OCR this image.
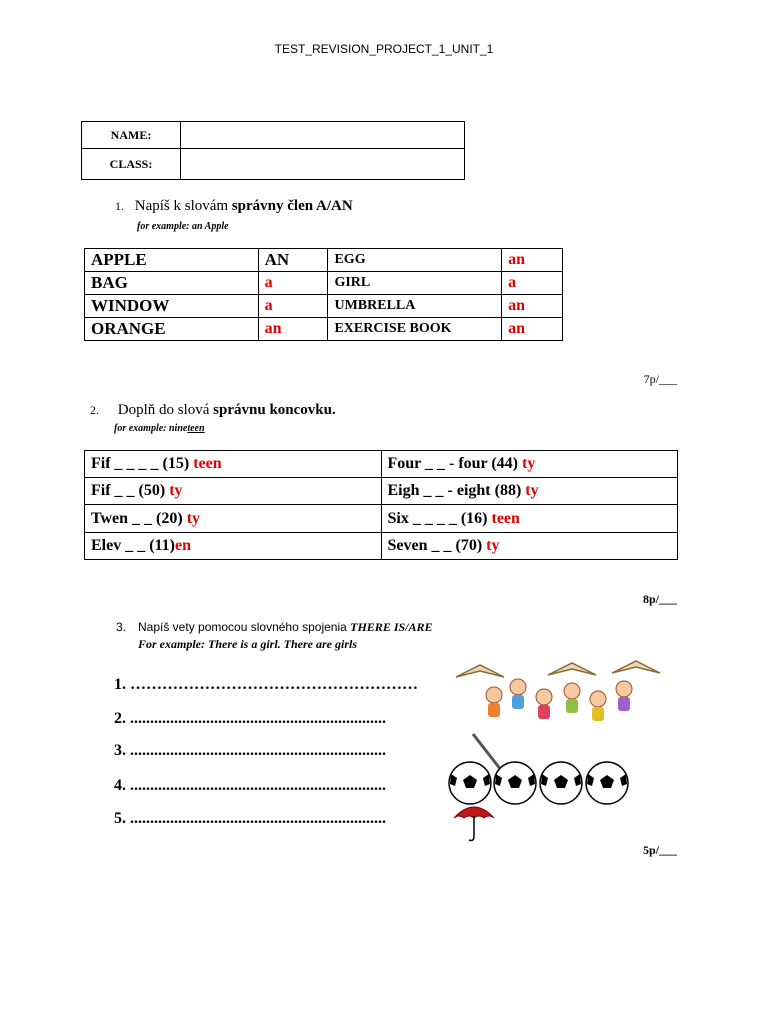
TEST_REVISION_PROJECT_1_UNIT_1
NAME:	
CLASS:	
1. Napíš k slovám správny člen A/AN
for example: an Apple
APPLE	AN	EGG	an
BAG	a	GIRL	a
WINDOW	a	UMBRELLA	an
ORANGE	an	EXERCISE BOOK	an
7p/___
2. Doplň do slová správnu koncovku.
for example: nineteen
Fif _ _ _ _ (15) teen	Four _ _ - four (44) ty
Fif _ _ (50) ty	Eigh _ _ - eight (88) ty
Twen _ _ (20) ty	Six _ _ _ _ (16) teen
Elev _ _ (11)en	Seven _ _ (70) ty
8p/___
3. Napíš vety pomocou slovného spojenia THERE IS/ARE
For example: There is a girl. There are girls
1. ………………………………………………
2. ................................................................
3. ................................................................
4. ................................................................
5. ................................................................
5p/___
